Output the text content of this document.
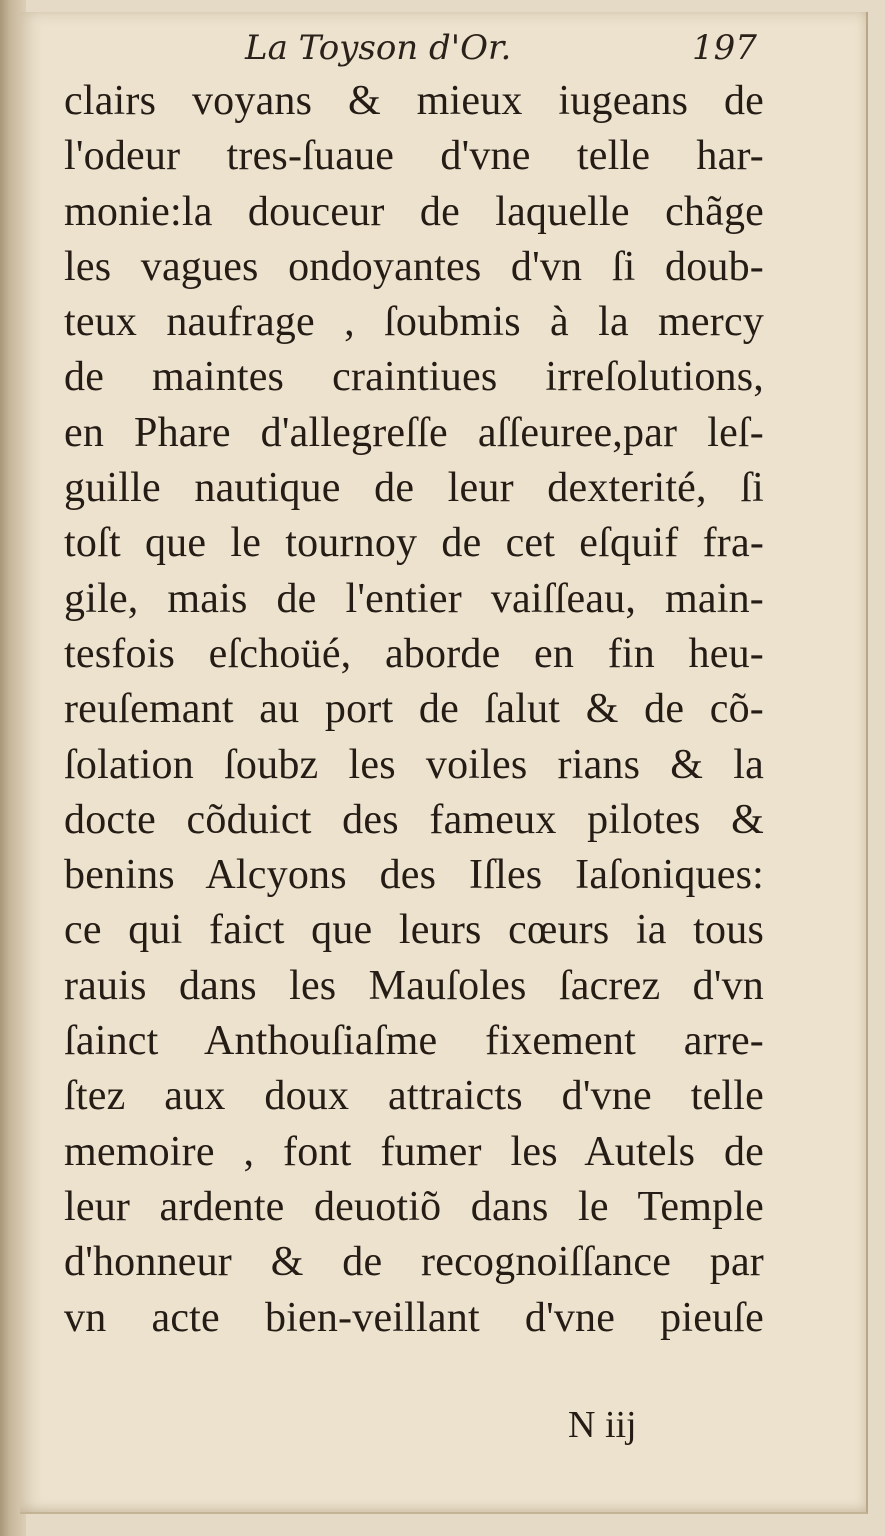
La Toyson d'Or.	197
clairs voyans & mieux iugeans de
l'odeur tres-ſuaue d'vne telle har-
monie:la douceur de laquelle chãge
les vagues ondoyantes d'vn ſi doub-
teux naufrage , ſoubmis à la mercy
de maintes craintiues irreſolutions,
en Phare d'allegreſſe aſſeuree,par leſ-
guille nautique de leur dexterité, ſi
toſt que le tournoy de cet eſquif fra-
gile, mais de l'entier vaiſſeau, main-
tesfois eſchoüé, aborde en fin heu-
reuſemant au port de ſalut & de cõ-
ſolation ſoubz les voiles rians & la
docte cõduict des fameux pilotes &
benins Alcyons des Iſles Iaſoniques:
ce qui faict que leurs cœurs ia tous
rauis dans les Mauſoles ſacrez d'vn
ſainct Anthouſiaſme fixement arre-
ſtez aux doux attraicts d'vne telle
memoire , font fumer les Autels de
leur ardente deuotiõ dans le Temple
d'honneur & de recognoiſſance par
vn acte bien-veillant d'vne pieuſe
N iij
